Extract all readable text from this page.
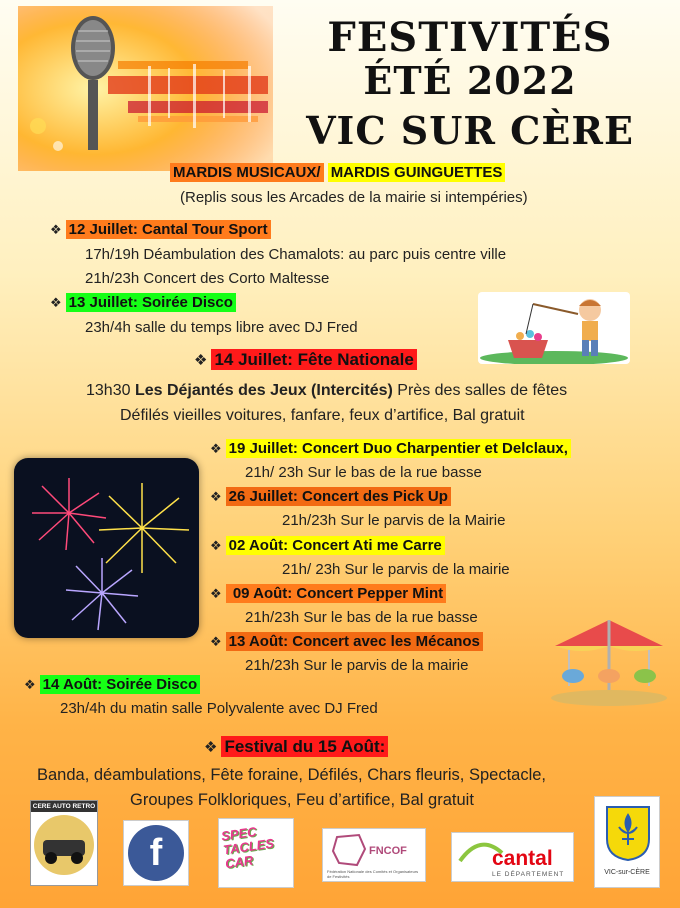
FESTIVITÉS
ÉTÉ 2022
VIC SUR CÈRE
MARDIS MUSICAUX/ MARDIS GUINGUETTES
(Replis sous les Arcades de la mairie si intempéries)
❖ 12 Juillet: Cantal Tour Sport
17h/19h Déambulation des Chamalots: au parc puis centre ville
21h/23h Concert des Corto Maltesse
❖ 13 Juillet: Soirée Disco
23h/4h salle du temps libre avec DJ Fred
❖ 14 Juillet: Fête Nationale
13h30 Les Déjantés des Jeux (Intercités) Près des salles de fêtes
Défilés vieilles voitures, fanfare, feux d’artifice, Bal gratuit
❖ 19 Juillet: Concert Duo Charpentier et Delclaux,
21h/ 23h Sur le bas de la rue basse
❖ 26 Juillet: Concert des Pick Up
21h/23h Sur le parvis de la Mairie
❖ 02 Août: Concert Ati me Carre
21h/ 23h Sur le parvis de la mairie
❖ 09 Août: Concert Pepper Mint
21h/23h Sur le bas de la rue basse
❖ 13 Août: Concert avec les Mécanos
21h/23h Sur le parvis de la mairie
❖ 14 Août: Soirée Disco
23h/4h du matin salle Polyvalente avec DJ Fred
❖ Festival du 15 Août:
Banda, déambulations, Fête foraine, Défilés, Chars fleuris, Spectacle,
Groupes Folkloriques, Feu d’artifice, Bal gratuit
CERE AUTO RETRO
f	SPEC TACLES CAR
FNCOF
Fédération Nationale des Comités et Organisateurs de Festivités
cantal
LE DÉPARTEMENT	VIC-sur-CÈRE
